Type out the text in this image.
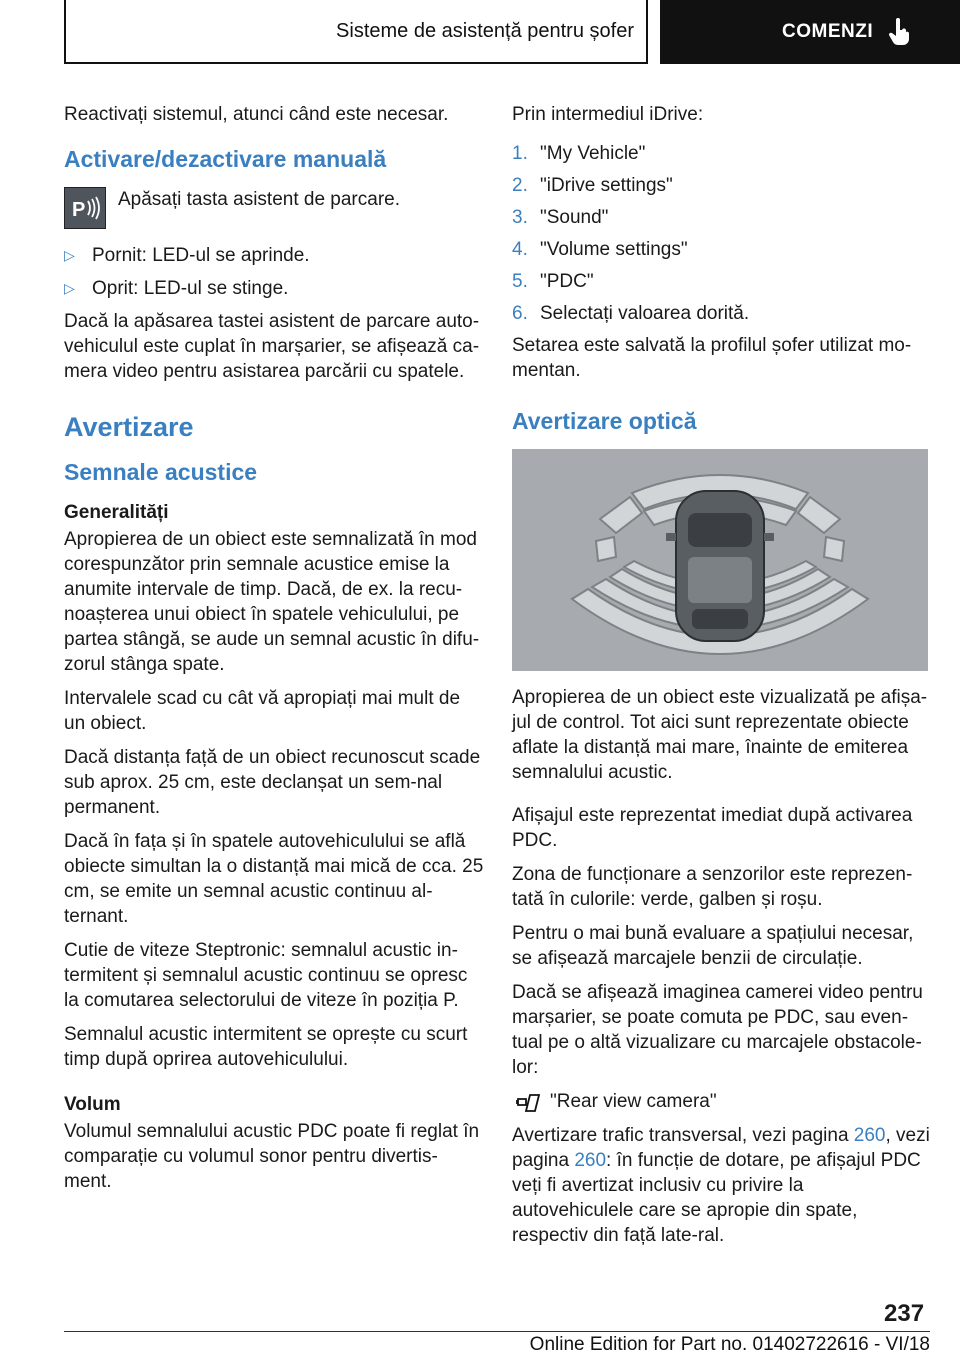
Sisteme de asistență pentru șofer	COMENZI

Reactivați sistemul, atunci când este necesar.

Activare/dezactivare manuală
P Apăsați tasta asistent de parcare.
▷ Pornit: LED-ul se aprinde.
▷ Oprit: LED-ul se stinge.

Dacă la apăsarea tastei asistent de parcare auto-vehiculul este cuplat în marșarier, se afișează ca-mera video pentru asistarea parcării cu spatele.

Avertizare
Semnale acustice
Generalități

Apropierea de un obiect este semnalizată în mod corespunzător prin semnale acustice emise la anumite intervale de timp. Dacă, de ex. la recu-noașterea unui obiect în spatele vehiculului, pe partea stângă, se aude un semnal acustic în difu-zorul stânga spate.

Intervalele scad cu cât vă apropiați mai mult de un obiect.

Dacă distanța față de un obiect recunoscut scade sub aprox. 25 cm, este declanșat un sem-nal permanent.

Dacă în fața și în spatele autovehiculului se află obiecte simultan la o distanță mai mică de cca. 25 cm, se emite un semnal acustic continuu al-ternant.

Cutie de viteze Steptronic: semnalul acustic in-termitent și semnalul acustic continuu se opresc la comutarea selectorului de viteze în poziția P.

Semnalul acustic intermitent se oprește cu scurt timp după oprirea autovehiculului.

Volum

Volumul semnalului acustic PDC poate fi reglat în comparație cu volumul sonor pentru divertis-ment.

Prin intermediul iDrive:

1. "My Vehicle"
2. "iDrive settings"
3. "Sound"
4. "Volume settings"
5. "PDC"
6. Selectați valoarea dorită.

Setarea este salvată la profilul șofer utilizat mo-mentan.

Avertizare optică

Apropierea de un obiect este vizualizată pe afișa-jul de control. Tot aici sunt reprezentate obiecte aflate la distanță mai mare, înainte de emiterea semnalului acustic.

Afișajul este reprezentat imediat după activarea PDC.

Zona de funcționare a senzorilor este reprezen-tată în culorile: verde, galben și roșu.

Pentru o mai bună evaluare a spațiului necesar, se afișează marcajele benzii de circulație.

Dacă se afișează imaginea camerei video pentru marșarier, se poate comuta pe PDC, sau even-tual pe o altă vizualizare cu marcajele obstacole-lor:

"Rear view camera"

Avertizare trafic transversal, vezi pagina 260, vezi pagina 260: în funcție de dotare, pe afișajul PDC veți fi avertizat inclusiv cu privire la autovehiculele care se apropie din spate, respectiv din față late-ral.

237
Online Edition for Part no. 01402722616 - VI/18
